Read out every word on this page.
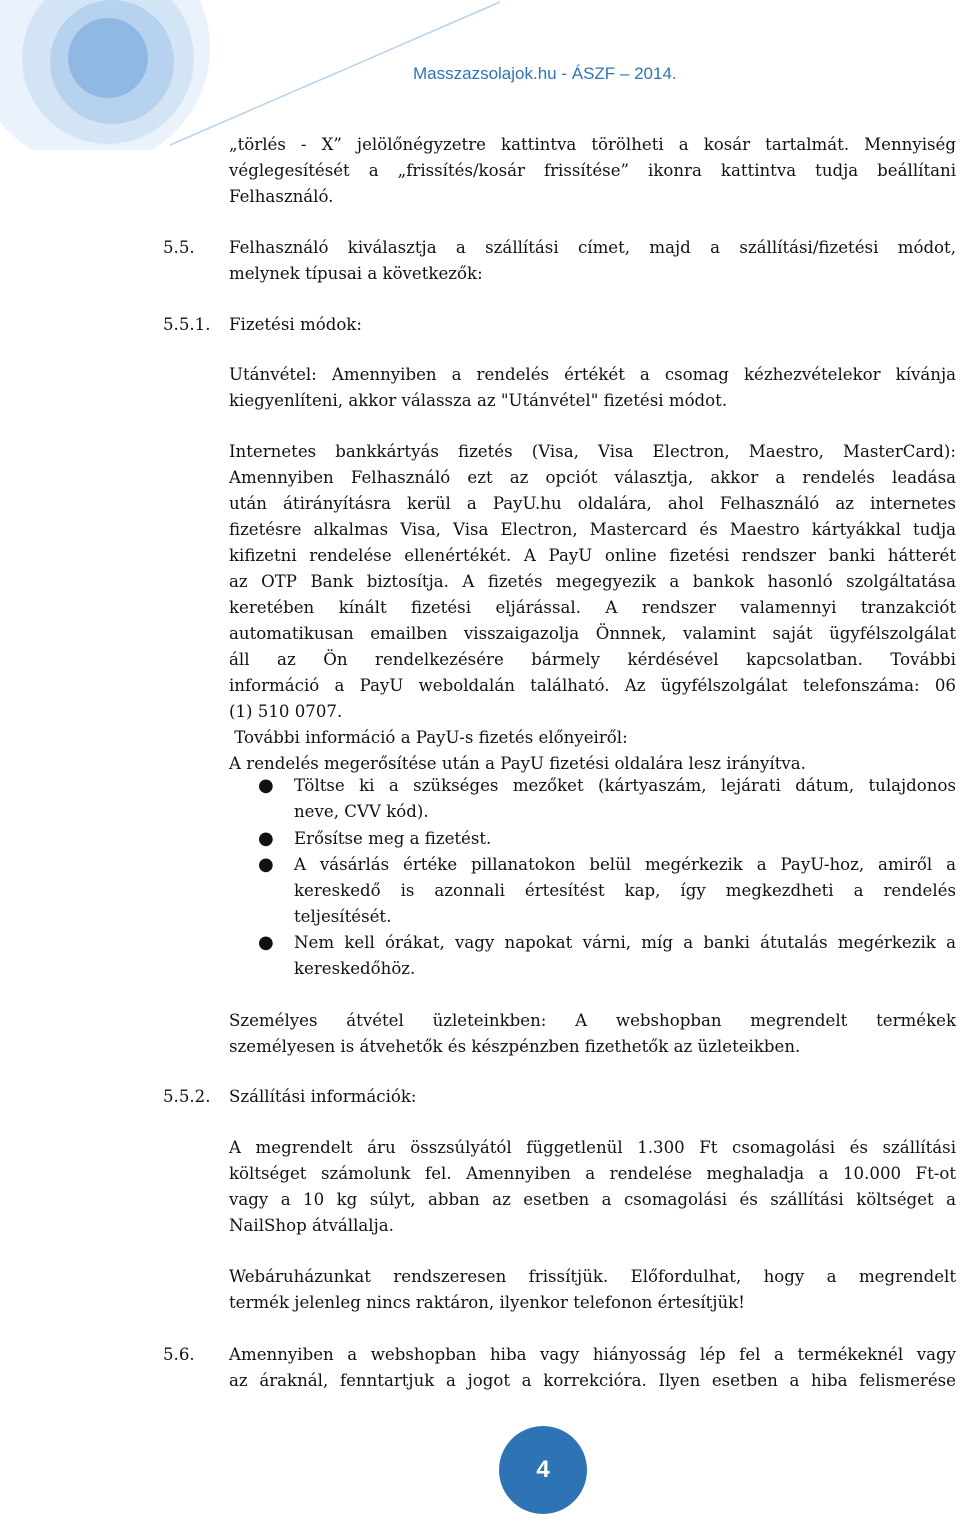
Masszazsolajok.hu - ÁSZF – 2014.
„törlés - X” jelölőnégyzetre kattintva törölheti a kosár tartalmát. Mennyiség
véglegesítését a „frissítés/kosár frissítése” ikonra kattintva tudja beállítani
Felhasználó.
5.5. Felhasználó kiválasztja a szállítási címet, majd a szállítási/fizetési módot,
melynek típusai a következők:
5.5.1. Fizetési módok:
Utánvétel: Amennyiben a rendelés értékét a csomag kézhezvételekor kívánja
kiegyenlíteni, akkor válassza az "Utánvétel" fizetési módot.
Internetes bankkártyás fizetés (Visa, Visa Electron, Maestro, MasterCard):
Amennyiben Felhasználó ezt az opciót választja, akkor a rendelés leadása
után átirányításra kerül a PayU.hu oldalára, ahol Felhasználó az internetes
fizetésre alkalmas Visa, Visa Electron, Mastercard és Maestro kártyákkal tudja
kifizetni rendelése ellenértékét. A PayU online fizetési rendszer banki hátterét
az OTP Bank biztosítja. A fizetés megegyezik a bankok hasonló szolgáltatása
keretében kínált fizetési eljárással. A rendszer valamennyi tranzakciót
automatikusan emailben visszaigazolja Önnnek, valamint saját ügyfélszolgálat
áll az Ön rendelkezésére bármely kérdésével kapcsolatban. További
információ a PayU weboldalán található. Az ügyfélszolgálat telefonszáma: 06
(1) 510 0707.
További információ a PayU-s fizetés előnyeiről:
A rendelés megerősítése után a PayU fizetési oldalára lesz irányítva.
● Töltse ki a szükséges mezőket (kártyaszám, lejárati dátum, tulajdonos
neve, CVV kód).
● Erősítse meg a fizetést.
● A vásárlás értéke pillanatokon belül megérkezik a PayU-hoz, amiről a
kereskedő is azonnali értesítést kap, így megkezdheti a rendelés
teljesítését.
● Nem kell órákat, vagy napokat várni, míg a banki átutalás megérkezik a
kereskedőhöz.
Személyes átvétel üzleteinkben: A webshopban megrendelt termékek
személyesen is átvehetők és készpénzben fizethetők az üzleteikben.
5.5.2. Szállítási információk:
A megrendelt áru összsúlyától függetlenül 1.300 Ft csomagolási és szállítási
költséget számolunk fel. Amennyiben a rendelése meghaladja a 10.000 Ft-ot
vagy a 10 kg súlyt, abban az esetben a csomagolási és szállítási költséget a
NailShop átvállalja.
Webáruházunkat rendszeresen frissítjük. Előfordulhat, hogy a megrendelt
termék jelenleg nincs raktáron, ilyenkor telefonon értesítjük!
5.6. Amennyiben a webshopban hiba vagy hiányosság lép fel a termékeknél vagy
az áraknál, fenntartjuk a jogot a korrekcióra. Ilyen esetben a hiba felismerése
4
